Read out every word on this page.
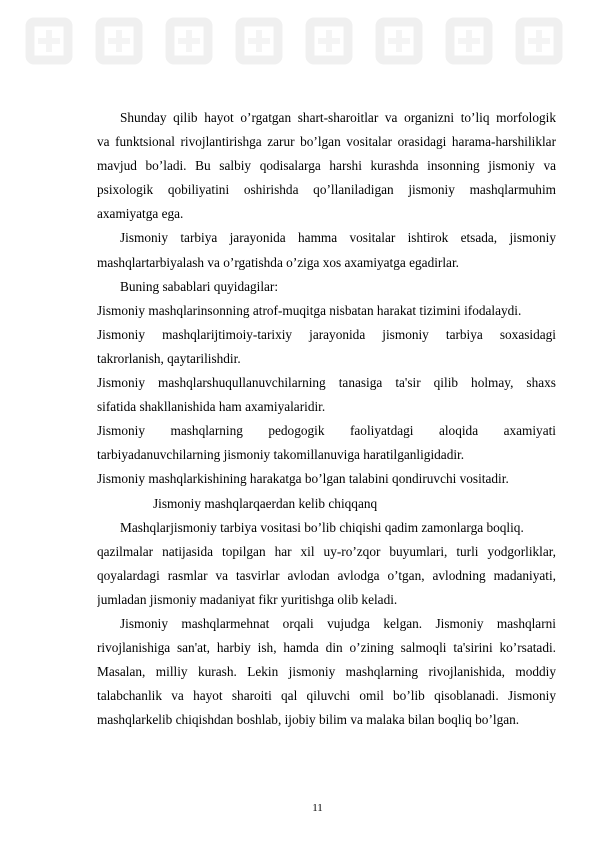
Shunday qilib hayot o’rgatgan shart-sharoitlar va organizni to’liq morfologik
va funktsional rivojlantirishga zarur bo’lgan vositalar orasidagi harama-harshiliklar
mavjud bo’ladi. Bu salbiy qodisalarga harshi kurashda insonning jismoniy va
psixologik qobiliyatini oshirishda qo’llaniladigan jismoniy mashqlarmuhim
axamiyatga ega.
Jismoniy tarbiya jarayonida hamma vositalar ishtirok etsada, jismoniy
mashqlartarbiyalash va o’rgatishda o’ziga xos axamiyatga egadirlar.
Buning sabablari quyidagilar:
Jismoniy mashqlarinsonning atrof-muqitga nisbatan harakat tizimini ifodalaydi.
Jismoniy mashqlarijtimoiy-tarixiy jarayonida jismoniy tarbiya soxasidagi
takrorlanish, qaytarilishdir.
Jismoniy mashqlarshuqullanuvchilarning tanasiga ta'sir qilib holmay, shaxs
sifatida shakllanishida ham axamiyalaridir.
Jismoniy mashqlarning pedogogik faoliyatdagi aloqida axamiyati
tarbiyadanuvchilarning jismoniy takomillanuviga haratilganligidadir.
Jismoniy mashqlarkishining harakatga bo’lgan talabini qondiruvchi vositadir.
Jismoniy mashqlarqaerdan kelib chiqqanq
Mashqlarjismoniy tarbiya vositasi bo’lib chiqishi qadim zamonlarga boqliq.
qazilmalar natijasida topilgan har xil uy-ro’zqor buyumlari, turli yodgorliklar,
qoyalardagi rasmlar va tasvirlar avlodan avlodga o’tgan, avlodning madaniyati,
jumladan jismoniy madaniyat fikr yuritishga olib keladi.
Jismoniy mashqlarmehnat orqali vujudga kelgan. Jismoniy mashqlarni
rivojlanishiga san'at, harbiy ish, hamda din o’zining salmoqli ta'sirini ko’rsatadi.
Masalan, milliy kurash. Lekin jismoniy mashqlarning rivojlanishida, moddiy
talabchanlik va hayot sharoiti qal qiluvchi omil bo’lib qisoblanadi. Jismoniy
mashqlarkelib chiqishdan boshlab, ijobiy bilim va malaka bilan boqliq bo’lgan.
11
